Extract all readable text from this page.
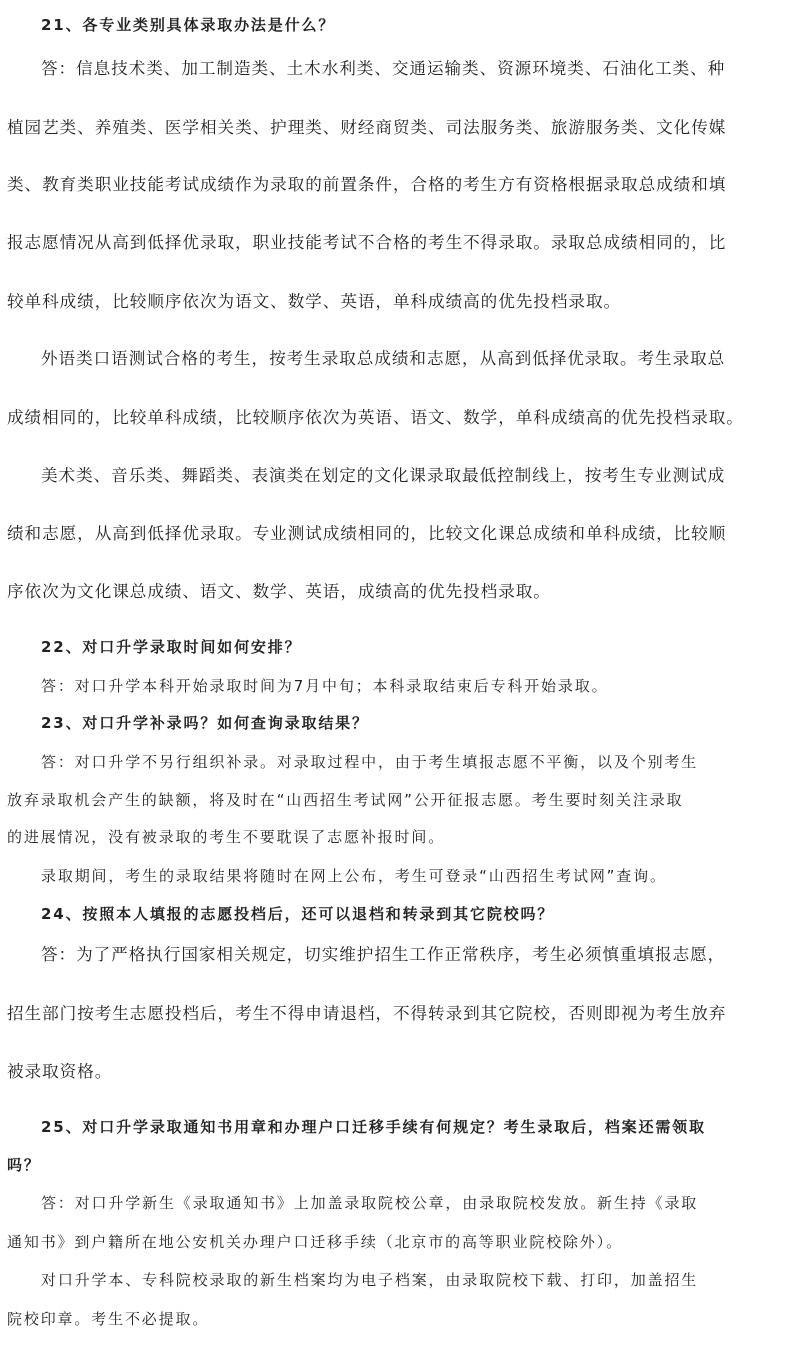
21、各专业类别具体录取办法是什么？
答：信息技术类、加工制造类、土木水利类、交通运输类、资源环境类、石油化工类、种
植园艺类、养殖类、医学相关类、护理类、财经商贸类、司法服务类、旅游服务类、文化传媒
类、教育类职业技能考试成绩作为录取的前置条件，合格的考生方有资格根据录取总成绩和填
报志愿情况从高到低择优录取，职业技能考试不合格的考生不得录取。录取总成绩相同的，比
较单科成绩，比较顺序依次为语文、数学、英语，单科成绩高的优先投档录取。
外语类口语测试合格的考生，按考生录取总成绩和志愿，从高到低择优录取。考生录取总
成绩相同的，比较单科成绩，比较顺序依次为英语、语文、数学，单科成绩高的优先投档录取。
美术类、音乐类、舞蹈类、表演类在划定的文化课录取最低控制线上，按考生专业测试成
绩和志愿，从高到低择优录取。专业测试成绩相同的，比较文化课总成绩和单科成绩，比较顺
序依次为文化课总成绩、语文、数学、英语，成绩高的优先投档录取。
22、对口升学录取时间如何安排？
答：对口升学本科开始录取时间为7月中旬；本科录取结束后专科开始录取。
23、对口升学补录吗？如何查询录取结果？
答：对口升学不另行组织补录。对录取过程中，由于考生填报志愿不平衡，以及个别考生
放弃录取机会产生的缺额，将及时在“山西招生考试网”公开征报志愿。考生要时刻关注录取
的进展情况，没有被录取的考生不要耽误了志愿补报时间。
录取期间，考生的录取结果将随时在网上公布，考生可登录“山西招生考试网”查询。
24、按照本人填报的志愿投档后，还可以退档和转录到其它院校吗？
答：为了严格执行国家相关规定，切实维护招生工作正常秩序，考生必须慎重填报志愿，
招生部门按考生志愿投档后，考生不得申请退档，不得转录到其它院校，否则即视为考生放弃
被录取资格。
25、对口升学录取通知书用章和办理户口迁移手续有何规定？考生录取后，档案还需领取
吗？
答：对口升学新生《录取通知书》上加盖录取院校公章，由录取院校发放。新生持《录取
通知书》到户籍所在地公安机关办理户口迁移手续（北京市的高等职业院校除外）。
对口升学本、专科院校录取的新生档案均为电子档案，由录取院校下载、打印，加盖招生
院校印章。考生不必提取。
